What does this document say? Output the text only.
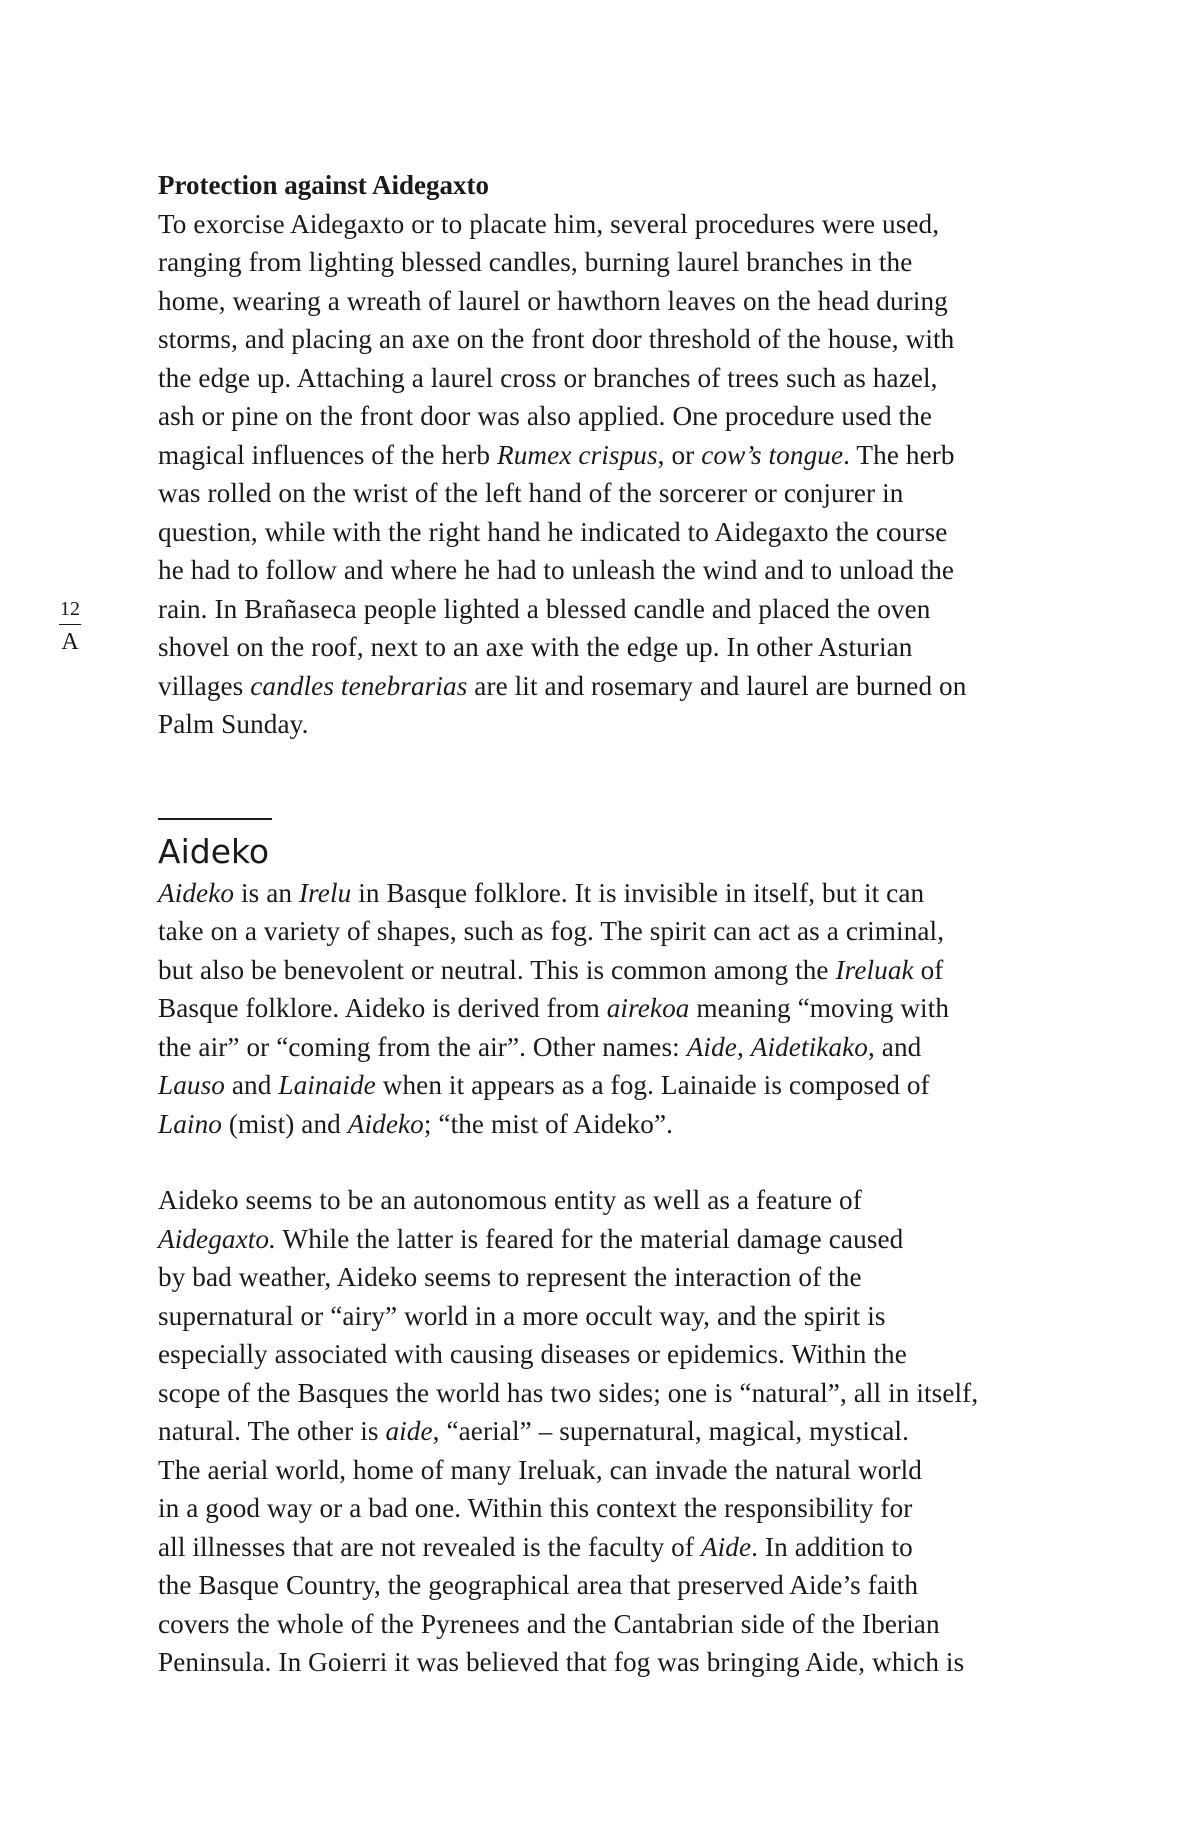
12
A
Protection against Aidegaxto

To exorcise Aidegaxto or to placate him, several procedures were used,
ranging from lighting blessed candles, burning laurel branches in the
home, wearing a wreath of laurel or hawthorn leaves on the head during
storms, and placing an axe on the front door threshold of the house, with
the edge up. Attaching a laurel cross or branches of trees such as hazel,
ash or pine on the front door was also applied. One procedure used the
magical influences of the herb Rumex crispus, or cow’s tongue. The herb
was rolled on the wrist of the left hand of the sorcerer or conjurer in
question, while with the right hand he indicated to Aidegaxto the course
he had to follow and where he had to unleash the wind and to unload the
rain. In Brañaseca people lighted a blessed candle and placed the oven
shovel on the roof, next to an axe with the edge up. In other Asturian
villages candles tenebrarias are lit and rosemary and laurel are burned on
Palm Sunday.

Aideko

Aideko is an Irelu in Basque folklore. It is invisible in itself, but it can
take on a variety of shapes, such as fog. The spirit can act as a criminal,
but also be benevolent or neutral. This is common among the Ireluak of
Basque folklore. Aideko is derived from airekoa meaning “moving with
the air” or “coming from the air”. Other names: Aide, Aidetikako, and
Lauso and Lainaide when it appears as a fog. Lainaide is composed of
Laino (mist) and Aideko; “the mist of Aideko”.

Aideko seems to be an autonomous entity as well as a feature of
Aidegaxto. While the latter is feared for the material damage caused
by bad weather, Aideko seems to represent the interaction of the
supernatural or “airy” world in a more occult way, and the spirit is
especially associated with causing diseases or epidemics. Within the
scope of the Basques the world has two sides; one is “natural”, all in itself,
natural. The other is aide, “aerial” – supernatural, magical, mystical.
The aerial world, home of many Ireluak, can invade the natural world
in a good way or a bad one. Within this context the responsibility for
all illnesses that are not revealed is the faculty of Aide. In addition to
the Basque Country, the geographical area that preserved Aide’s faith
covers the whole of the Pyrenees and the Cantabrian side of the Iberian
Peninsula. In Goierri it was believed that fog was bringing Aide, which is
